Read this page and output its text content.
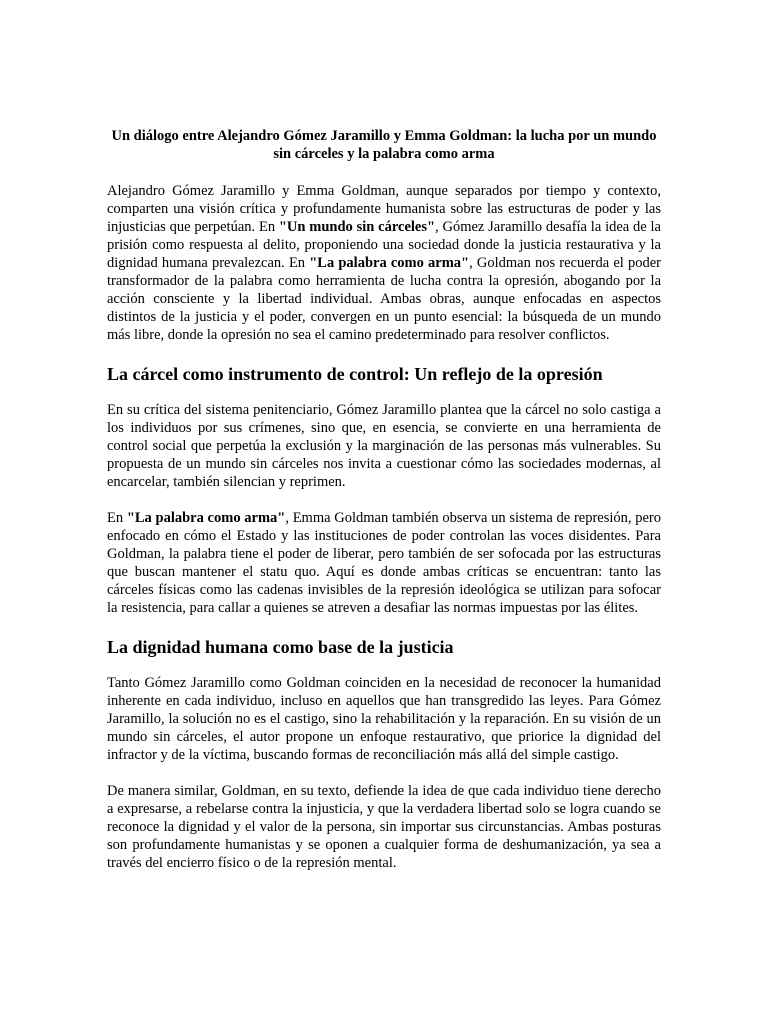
Un diálogo entre Alejandro Gómez Jaramillo y Emma Goldman: la lucha por un mundo sin cárceles y la palabra como arma

Alejandro Gómez Jaramillo y Emma Goldman, aunque separados por tiempo y contexto, comparten una visión crítica y profundamente humanista sobre las estructuras de poder y las injusticias que perpetúan. En "Un mundo sin cárceles", Gómez Jaramillo desafía la idea de la prisión como respuesta al delito, proponiendo una sociedad donde la justicia restaurativa y la dignidad humana prevalezcan. En "La palabra como arma", Goldman nos recuerda el poder transformador de la palabra como herramienta de lucha contra la opresión, abogando por la acción consciente y la libertad individual. Ambas obras, aunque enfocadas en aspectos distintos de la justicia y el poder, convergen en un punto esencial: la búsqueda de un mundo más libre, donde la opresión no sea el camino predeterminado para resolver conflictos.

La cárcel como instrumento de control: Un reflejo de la opresión

En su crítica del sistema penitenciario, Gómez Jaramillo plantea que la cárcel no solo castiga a los individuos por sus crímenes, sino que, en esencia, se convierte en una herramienta de control social que perpetúa la exclusión y la marginación de las personas más vulnerables. Su propuesta de un mundo sin cárceles nos invita a cuestionar cómo las sociedades modernas, al encarcelar, también silencian y reprimen.

En "La palabra como arma", Emma Goldman también observa un sistema de represión, pero enfocado en cómo el Estado y las instituciones de poder controlan las voces disidentes. Para Goldman, la palabra tiene el poder de liberar, pero también de ser sofocada por las estructuras que buscan mantener el statu quo. Aquí es donde ambas críticas se encuentran: tanto las cárceles físicas como las cadenas invisibles de la represión ideológica se utilizan para sofocar la resistencia, para callar a quienes se atreven a desafiar las normas impuestas por las élites.

La dignidad humana como base de la justicia

Tanto Gómez Jaramillo como Goldman coinciden en la necesidad de reconocer la humanidad inherente en cada individuo, incluso en aquellos que han transgredido las leyes. Para Gómez Jaramillo, la solución no es el castigo, sino la rehabilitación y la reparación. En su visión de un mundo sin cárceles, el autor propone un enfoque restaurativo, que priorice la dignidad del infractor y de la víctima, buscando formas de reconciliación más allá del simple castigo.

De manera similar, Goldman, en su texto, defiende la idea de que cada individuo tiene derecho a expresarse, a rebelarse contra la injusticia, y que la verdadera libertad solo se logra cuando se reconoce la dignidad y el valor de la persona, sin importar sus circunstancias. Ambas posturas son profundamente humanistas y se oponen a cualquier forma de deshumanización, ya sea a través del encierro físico o de la represión mental.
